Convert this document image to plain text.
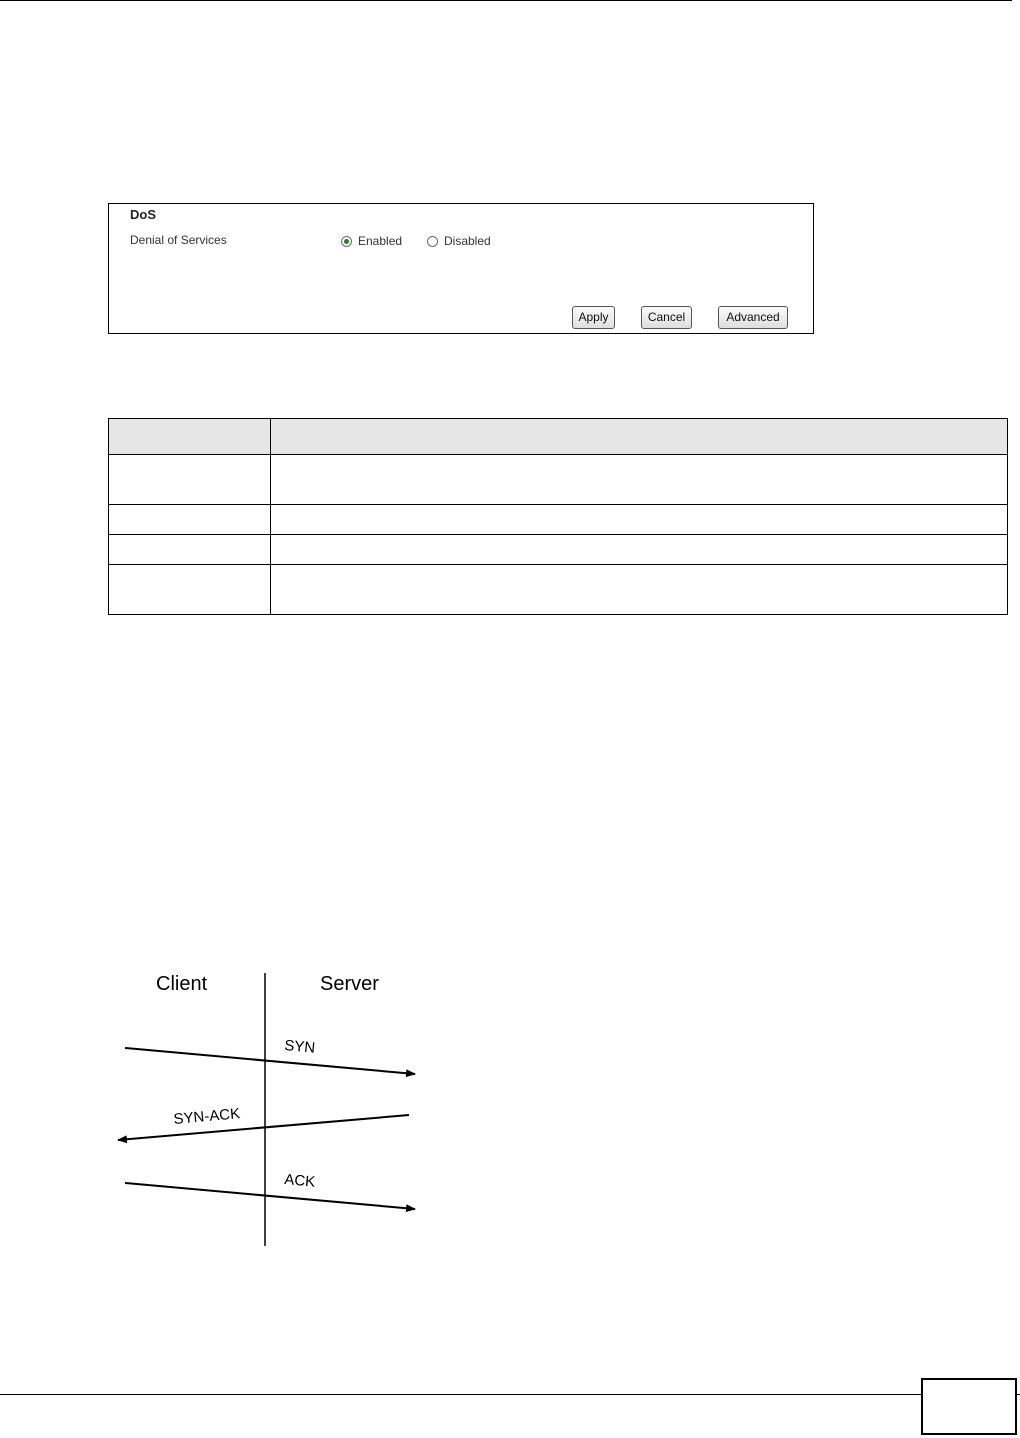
DoS
Denial of Services	Enabled	Disabled
Apply	Cancel	Advanced

Client	Server
SYN
SYN-ACK
ACK
